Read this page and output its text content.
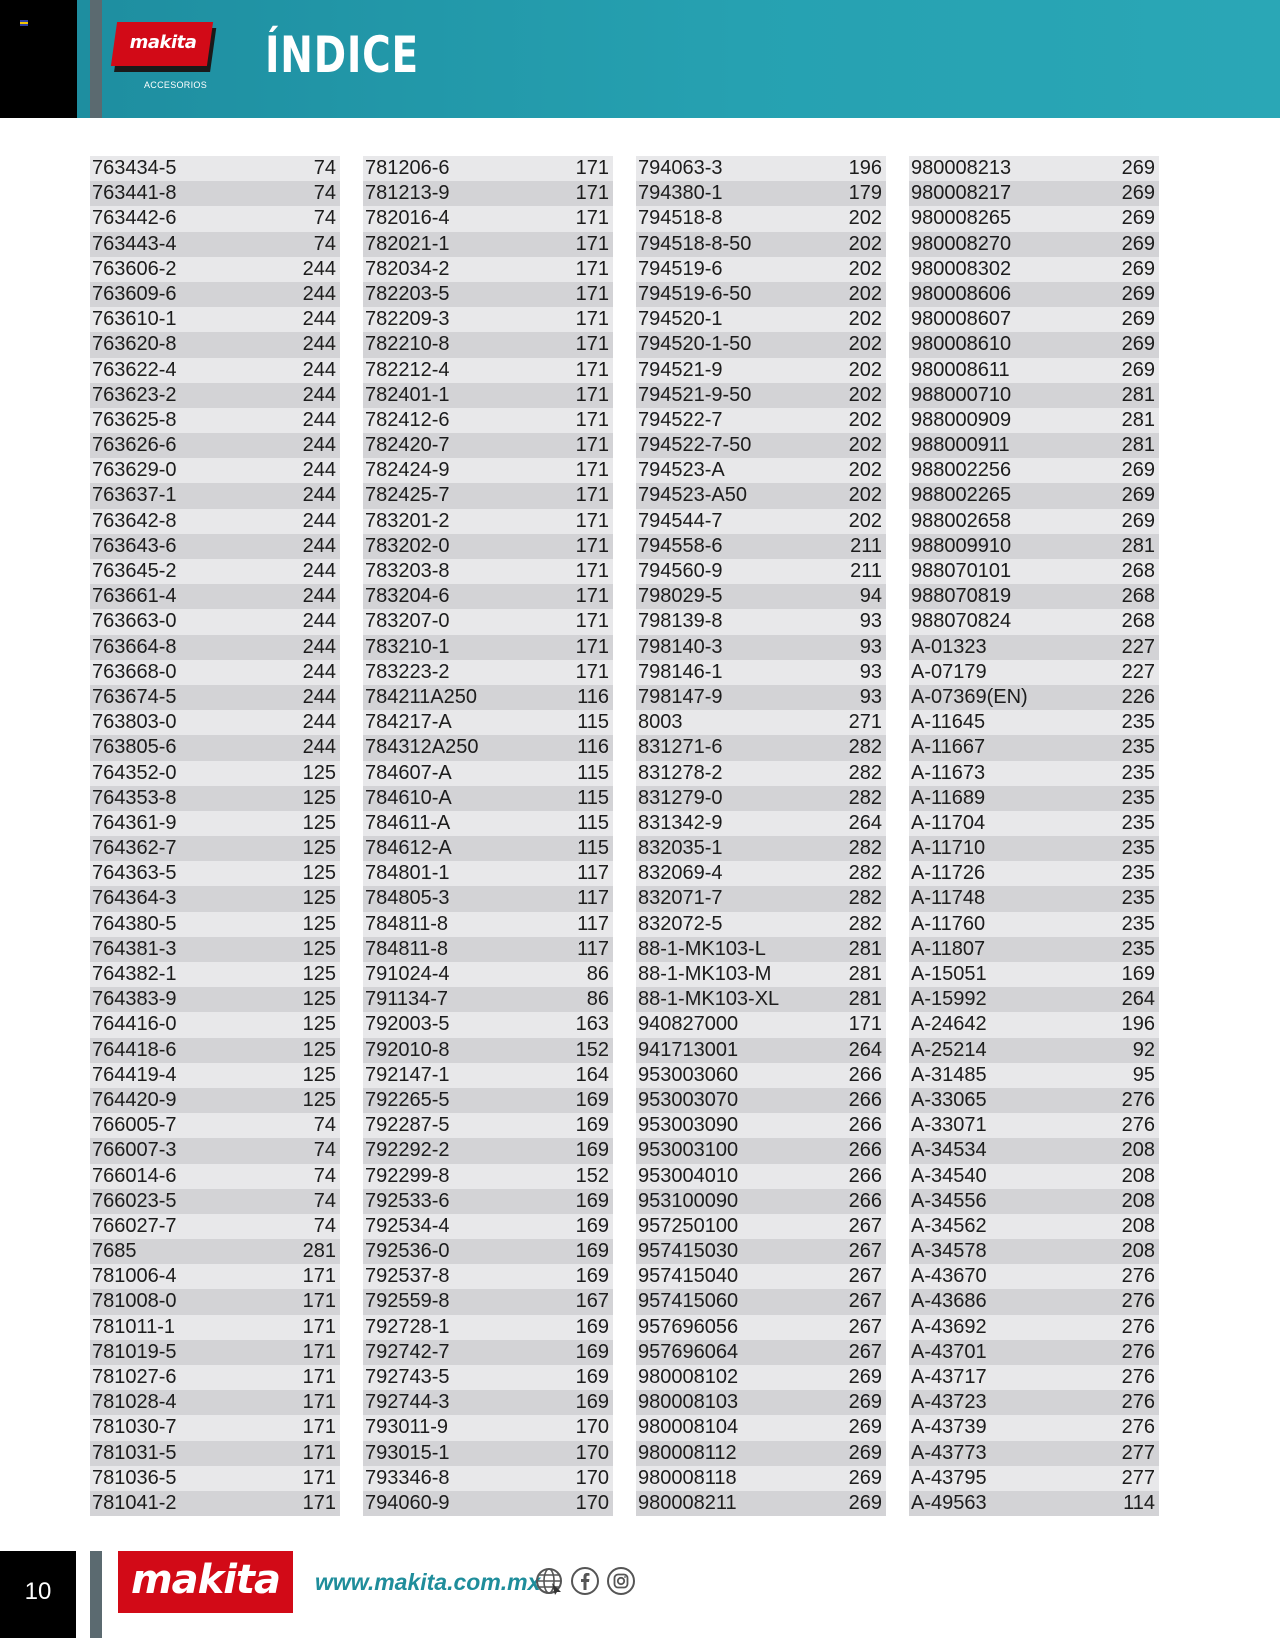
makita
ACCESORIOS
ÍNDICE
763434-5	74
763441-8	74
763442-6	74
763443-4	74
763606-2	244
763609-6	244
763610-1	244
763620-8	244
763622-4	244
763623-2	244
763625-8	244
763626-6	244
763629-0	244
763637-1	244
763642-8	244
763643-6	244
763645-2	244
763661-4	244
763663-0	244
763664-8	244
763668-0	244
763674-5	244
763803-0	244
763805-6	244
764352-0	125
764353-8	125
764361-9	125
764362-7	125
764363-5	125
764364-3	125
764380-5	125
764381-3	125
764382-1	125
764383-9	125
764416-0	125
764418-6	125
764419-4	125
764420-9	125
766005-7	74
766007-3	74
766014-6	74
766023-5	74
766027-7	74
7685	281
781006-4	171
781008-0	171
781011-1	171
781019-5	171
781027-6	171
781028-4	171
781030-7	171
781031-5	171
781036-5	171
781041-2	171
781206-6	171
781213-9	171
782016-4	171
782021-1	171
782034-2	171
782203-5	171
782209-3	171
782210-8	171
782212-4	171
782401-1	171
782412-6	171
782420-7	171
782424-9	171
782425-7	171
783201-2	171
783202-0	171
783203-8	171
783204-6	171
783207-0	171
783210-1	171
783223-2	171
784211A250	116
784217-A	115
784312A250	116
784607-A	115
784610-A	115
784611-A	115
784612-A	115
784801-1	117
784805-3	117
784811-8	117
784811-8	117
791024-4	86
791134-7	86
792003-5	163
792010-8	152
792147-1	164
792265-5	169
792287-5	169
792292-2	169
792299-8	152
792533-6	169
792534-4	169
792536-0	169
792537-8	169
792559-8	167
792728-1	169
792742-7	169
792743-5	169
792744-3	169
793011-9	170
793015-1	170
793346-8	170
794060-9	170
794063-3	196
794380-1	179
794518-8	202
794518-8-50	202
794519-6	202
794519-6-50	202
794520-1	202
794520-1-50	202
794521-9	202
794521-9-50	202
794522-7	202
794522-7-50	202
794523-A	202
794523-A50	202
794544-7	202
794558-6	211
794560-9	211
798029-5	94
798139-8	93
798140-3	93
798146-1	93
798147-9	93
8003	271
831271-6	282
831278-2	282
831279-0	282
831342-9	264
832035-1	282
832069-4	282
832071-7	282
832072-5	282
88-1-MK103-L	281
88-1-MK103-M	281
88-1-MK103-XL	281
940827000	171
941713001	264
953003060	266
953003070	266
953003090	266
953003100	266
953004010	266
953100090	266
957250100	267
957415030	267
957415040	267
957415060	267
957696056	267
957696064	267
980008102	269
980008103	269
980008104	269
980008112	269
980008118	269
980008211	269
980008213	269
980008217	269
980008265	269
980008270	269
980008302	269
980008606	269
980008607	269
980008610	269
980008611	269
988000710	281
988000909	281
988000911	281
988002256	269
988002265	269
988002658	269
988009910	281
988070101	268
988070819	268
988070824	268
A-01323	227
A-07179	227
A-07369(EN)	226
A-11645	235
A-11667	235
A-11673	235
A-11689	235
A-11704	235
A-11710	235
A-11726	235
A-11748	235
A-11760	235
A-11807	235
A-15051	169
A-15992	264
A-24642	196
A-25214	92
A-31485	95
A-33065	276
A-33071	276
A-34534	208
A-34540	208
A-34556	208
A-34562	208
A-34578	208
A-43670	276
A-43686	276
A-43692	276
A-43701	276
A-43717	276
A-43723	276
A-43739	276
A-43773	277
A-43795	277
A-49563	114
10	makita	www.makita.com.mx
